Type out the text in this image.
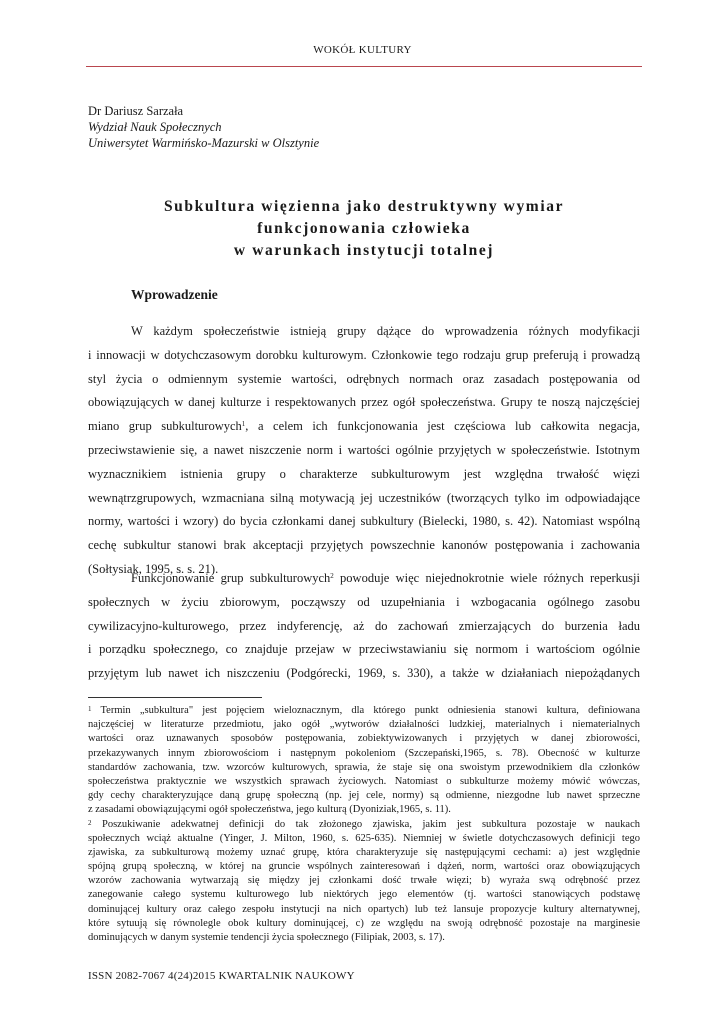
WOKÓŁ KULTURY
Dr Dariusz Sarzała
Wydział Nauk Społecznych
Uniwersytet Warmińsko-Mazurski w Olsztynie
Subkultura więzienna jako destruktywny wymiar
funkcjonowania człowieka
w warunkach instytucji totalnej
Wprowadzenie
W każdym społeczeństwie istnieją grupy dążące do wprowadzenia różnych modyfikacji
i innowacji w dotychczasowym dorobku kulturowym. Członkowie tego rodzaju grup preferują i prowadzą
styl życia o odmiennym systemie wartości, odrębnych normach oraz zasadach postępowania od
obowiązujących w danej kulturze i respektowanych przez ogół społeczeństwa. Grupy te noszą najczęściej
miano grup subkulturowych$^1$, a celem ich funkcjonowania jest częściowa lub całkowita negacja,
przeciwstawienie się, a nawet niszczenie norm i wartości ogólnie przyjętych w społeczeństwie. Istotnym
wyznacznikiem istnienia grupy o charakterze subkulturowym jest względna trwałość więzi
wewnątrzgrupowych, wzmacniana silną motywacją jej uczestników (tworzących tylko im odpowiadające
normy, wartości i wzory) do bycia członkami danej subkultury (Bielecki, 1980, s. 42). Natomiast wspólną
cechę subkultur stanowi brak akceptacji przyjętych powszechnie kanonów postępowania i zachowania
(Sołtysiak, 1995, s. s. 21).
Funkcjonowanie grup subkulturowych$^2$ powoduje więc niejednokrotnie wiele różnych reperkusji
społecznych w życiu zbiorowym, począwszy od uzupełniania i wzbogacania ogólnego zasobu
cywilizacyjno-kulturowego, przez indyferencję, aż do zachowań zmierzających do burzenia ładu
i porządku społecznego, co znajduje przejaw w przeciwstawianiu się normom i wartościom ogólnie
przyjętym lub nawet ich niszczeniu (Podgórecki, 1969, s. 330), a także w działaniach niepożądanych
$^1$ Termin „subkultura" jest pojęciem wieloznacznym, dla którego punkt odniesienia stanowi kultura, definiowana
najczęściej w literaturze przedmiotu, jako ogół „wytworów działalności ludzkiej, materialnych i niematerialnych
wartości oraz uznawanych sposobów postępowania, zobiektywizowanych i przyjętych w danej zbiorowości,
przekazywanych innym zbiorowościom i następnym pokoleniom (Szczepański,1965, s. 78). Obecność w kulturze
standardów zachowania, tzw. wzorców kulturowych, sprawia, że staje się ona swoistym przewodnikiem dla członków
społeczeństwa praktycznie we wszystkich sprawach życiowych. Natomiast o subkulturze możemy mówić wówczas,
gdy cechy charakteryzujące daną grupę społeczną (np. jej cele, normy) są odmienne, niezgodne lub nawet sprzeczne
z zasadami obowiązującymi ogół społeczeństwa, jego kulturą (Dyoniziak,1965, s. 11).
$^2$ Poszukiwanie adekwatnej definicji do tak złożonego zjawiska, jakim jest subkultura pozostaje w naukach
społecznych wciąż aktualne (Yinger, J. Milton, 1960, s. 625-635). Niemniej w świetle dotychczasowych definicji tego
zjawiska, za subkulturową możemy uznać grupę, która charakteryzuje się następującymi cechami: a) jest względnie
spójną grupą społeczną, w której na gruncie wspólnych zainteresowań i dążeń, norm, wartości oraz obowiązujących
wzorów zachowania wytwarzają się między jej członkami dość trwałe więzi; b) wyraża swą odrębność przez
zanegowanie całego systemu kulturowego lub niektórych jego elementów (tj. wartości stanowiących podstawę
dominującej kultury oraz całego zespołu instytucji na nich opartych) lub też lansuje propozycje kultury alternatywnej,
które sytuują się równolegle obok kultury dominującej, c) ze względu na swoją odrębność pozostaje na marginesie
dominujących w danym systemie tendencji życia społecznego (Filipiak, 2003, s. 17).
ISSN 2082-7067 4(24)2015 KWARTALNIK NAUKOWY
